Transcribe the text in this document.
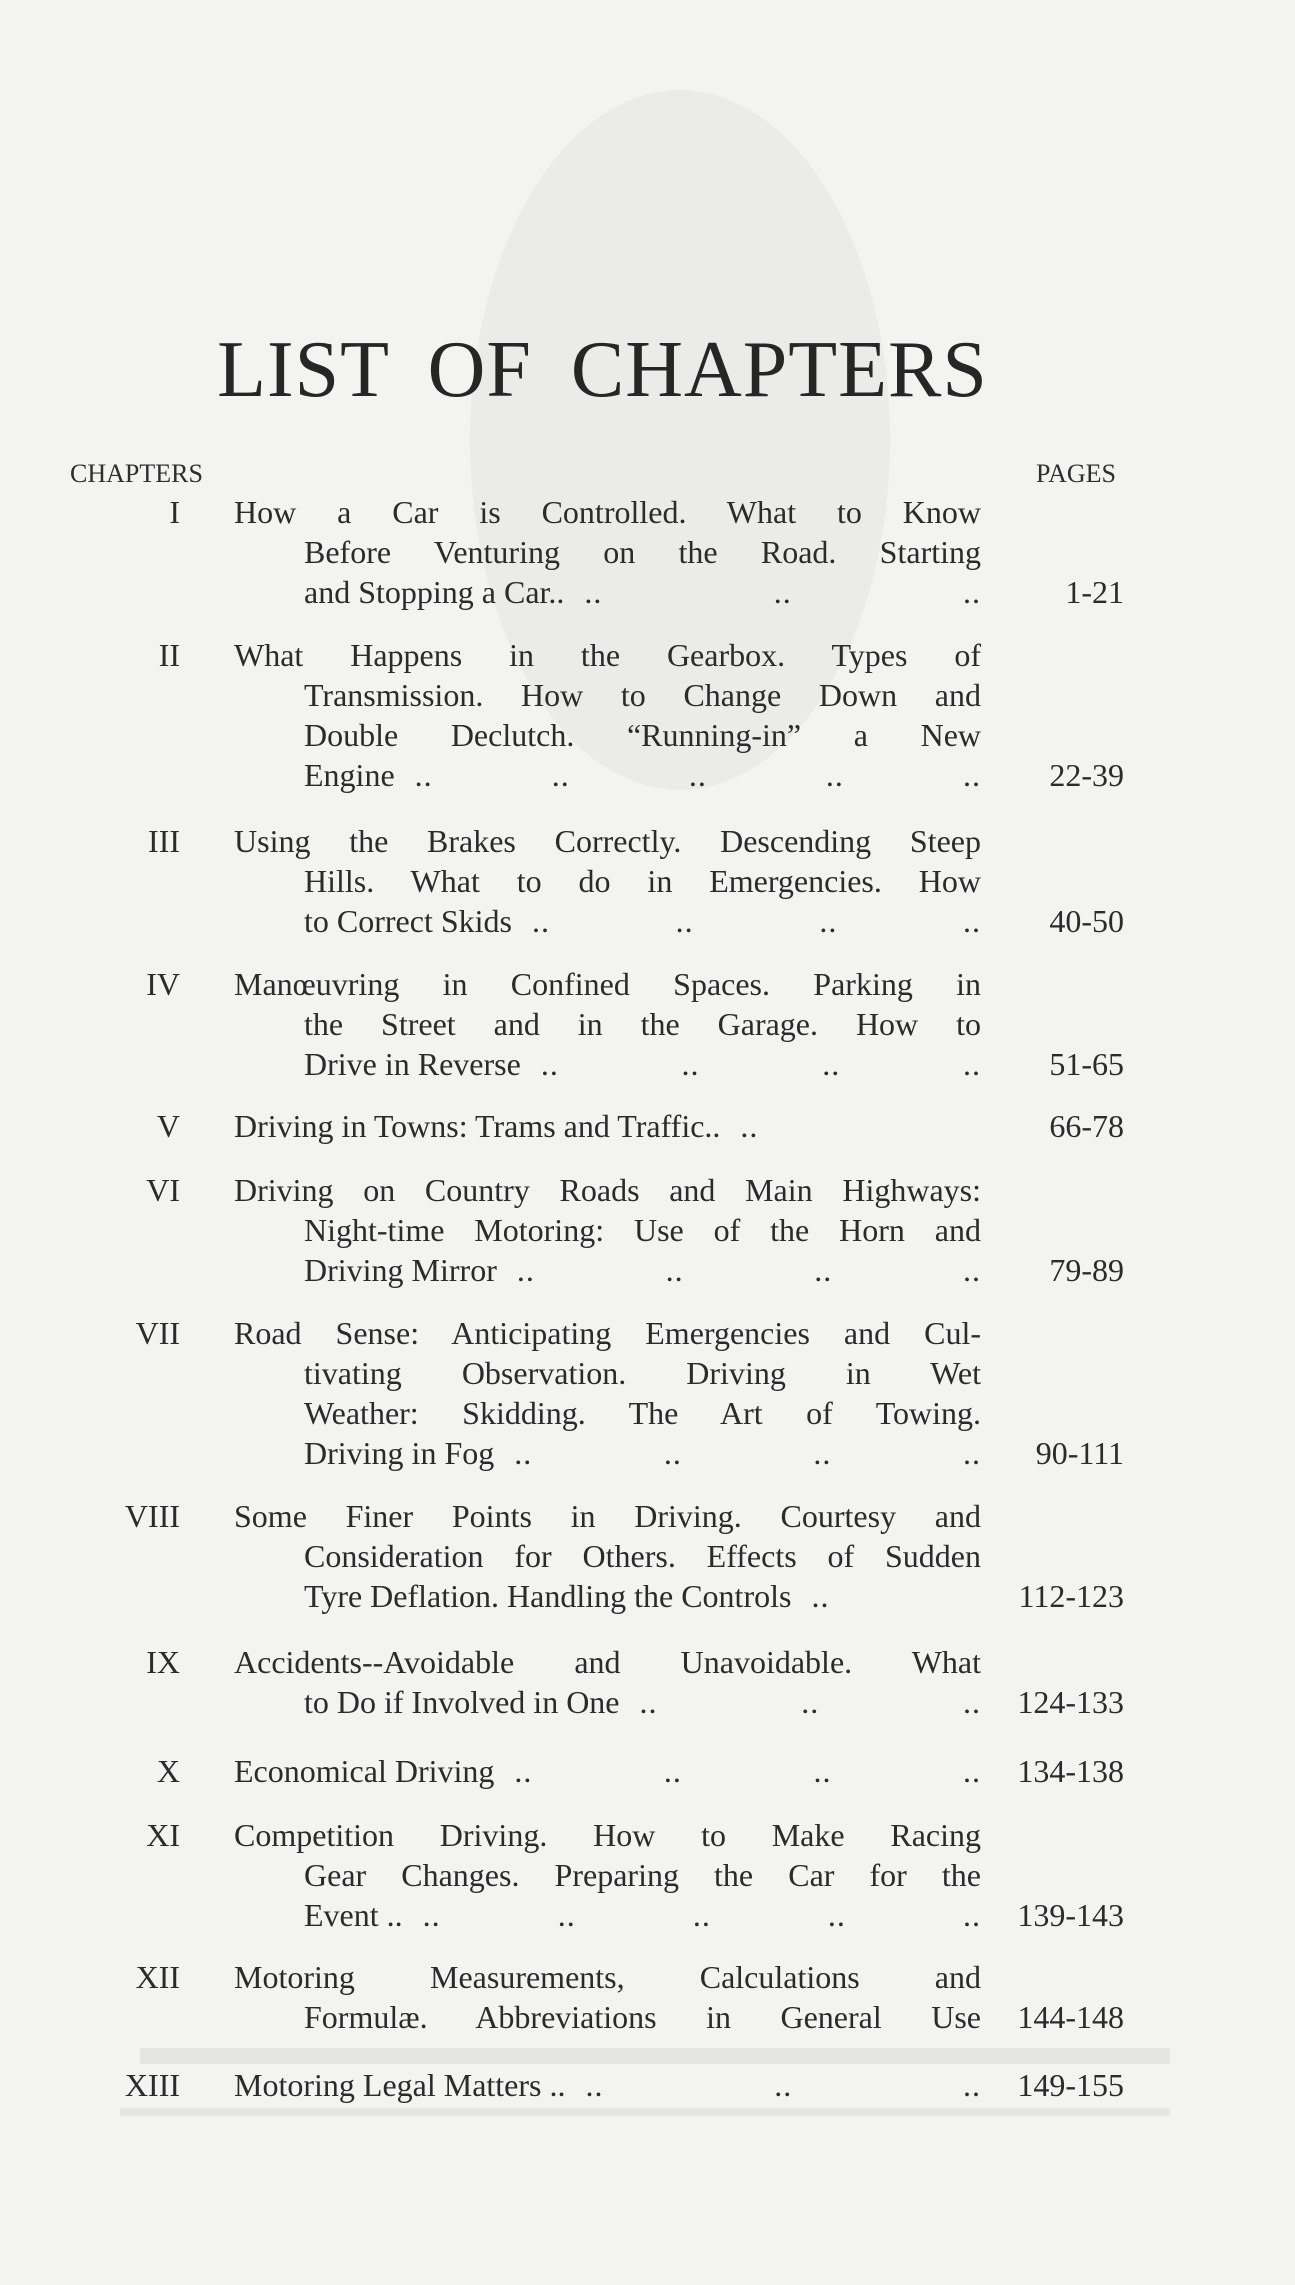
LIST OF CHAPTERS
CHAPTERS	PAGES
I How a Car is Controlled. What to Know
Before Venturing on the Road. Starting
and Stopping a Car.. .. .. ..	1-21
II What Happens in the Gearbox. Types of
Transmission. How to Change Down and
Double Declutch. “Running-in” a New
Engine .. .. .. .. .. 22-39
III Using the Brakes Correctly. Descending Steep
Hills. What to do in Emergencies. How
to Correct Skids .. .. .. .. 40-50
IV Manœuvring in Confined Spaces. Parking in
the Street and in the Garage. How to
Drive in Reverse .. .. .. .. 51-65
V Driving in Towns: Trams and Traffic.. ..	66-78
VI Driving on Country Roads and Main Highways:
Night-time Motoring: Use of the Horn and
Driving Mirror .. .. .. .. 79-89
VII Road Sense: Anticipating Emergencies and Cul-
tivating Observation. Driving in Wet
Weather: Skidding. The Art of Towing.
Driving in Fog .. .. .. .. 90-111
VIII Some Finer Points in Driving. Courtesy and
Consideration for Others. Effects of Sudden
Tyre Deflation. Handling the Controls ..	112-123
IX Accidents--Avoidable and Unavoidable. What
to Do if Involved in One .. .. .. 124-133
X Economical Driving .. .. .. .. 134-138
XI Competition Driving. How to Make Racing
Gear Changes. Preparing the Car for the
Event .. .. .. .. .. .. 139-143
XII Motoring Measurements, Calculations and
Formulæ. Abbreviations in General Use 144-148
XIII Motoring Legal Matters .. .. .. .. 149-155
